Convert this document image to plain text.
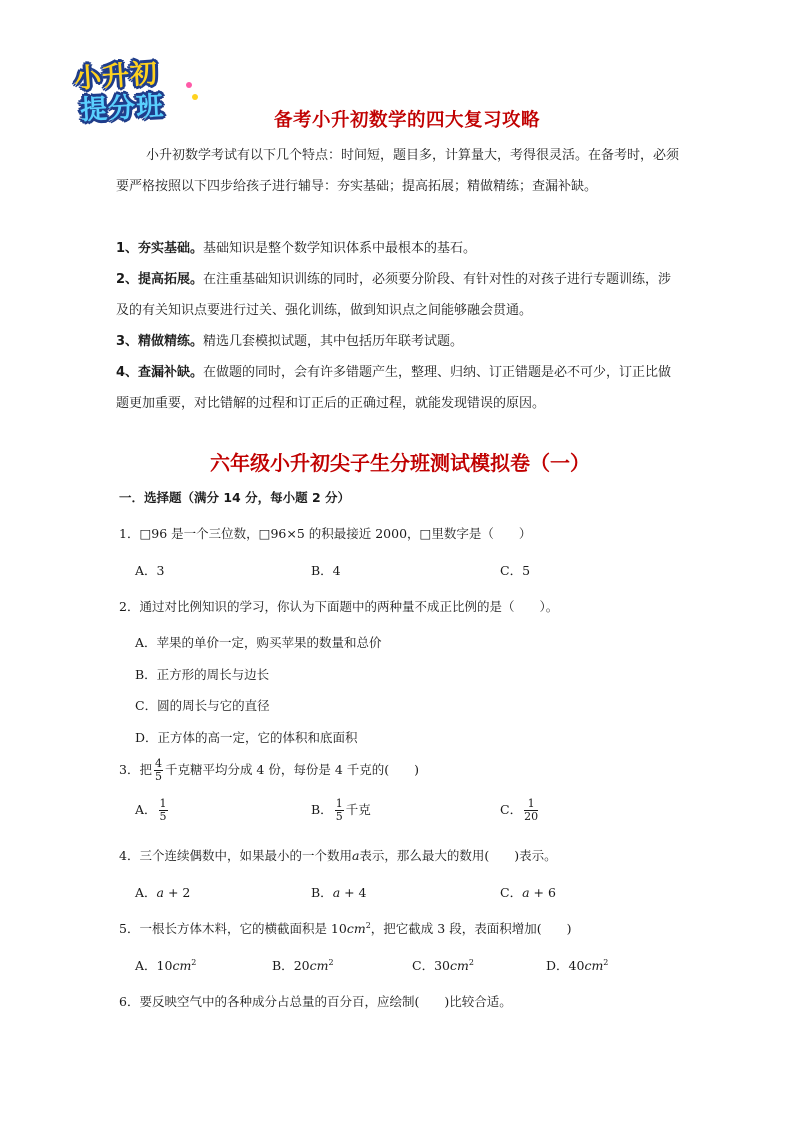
小升初
提分班	备考小升初数学的四大复习攻略
小升初数学考试有以下几个特点：时间短，题目多，计算量大，考得很灵活。在备考时，必须要严格按照以下四步给孩子进行辅导：夯实基础；提高拓展；精做精练；查漏补缺。
1、夯实基础。基础知识是整个数学知识体系中最根本的基石。
2、提高拓展。在注重基础知识训练的同时，必须要分阶段、有针对性的对孩子进行专题训练，涉及的有关知识点要进行过关、强化训练，做到知识点之间能够融会贯通。
3、精做精练。精选几套模拟试题，其中包括历年联考试题。
4、查漏补缺。在做题的同时，会有许多错题产生，整理、归纳、订正错题是必不可少，订正比做题更加重要，对比错解的过程和订正后的正确过程，就能发现错误的原因。
六年级小升初尖子生分班测试模拟卷（一）
一．选择题（满分 14 分，每小题 2 分）
1．□96 是一个三位数，□96×5 的积最接近 2000，□里数字是（　　）
A．3	B．4	C．5
2．通过对比例知识的学习，你认为下面题中的两种量不成正比例的是（　　）。
A．苹果的单价一定，购买苹果的数量和总价
B．正方形的周长与边长
C．圆的周长与它的直径
D．正方体的高一定，它的体积和底面积
3．把 $\frac{4}{5}$ 千克糖平均分成 4 份，每份是 4 千克的(　　)
A． $\frac{1}{5}$	B． $\frac{1}{5}$ 千克	C． $\frac{1}{20}$
4．三个连续偶数中，如果最小的一个数用a表示，那么最大的数用(　　)表示。
A．a + 2	B．a + 4	C．a + 6
5．一根长方体木料，它的横截面积是 $10cm^2$，把它截成 3 段，表面积增加(　　)
A．$10cm^2$	B．$20cm^2$	C．$30cm^2$	D．$40cm^2$
6．要反映空气中的各种成分占总量的百分百，应绘制(　　)比较合适。
